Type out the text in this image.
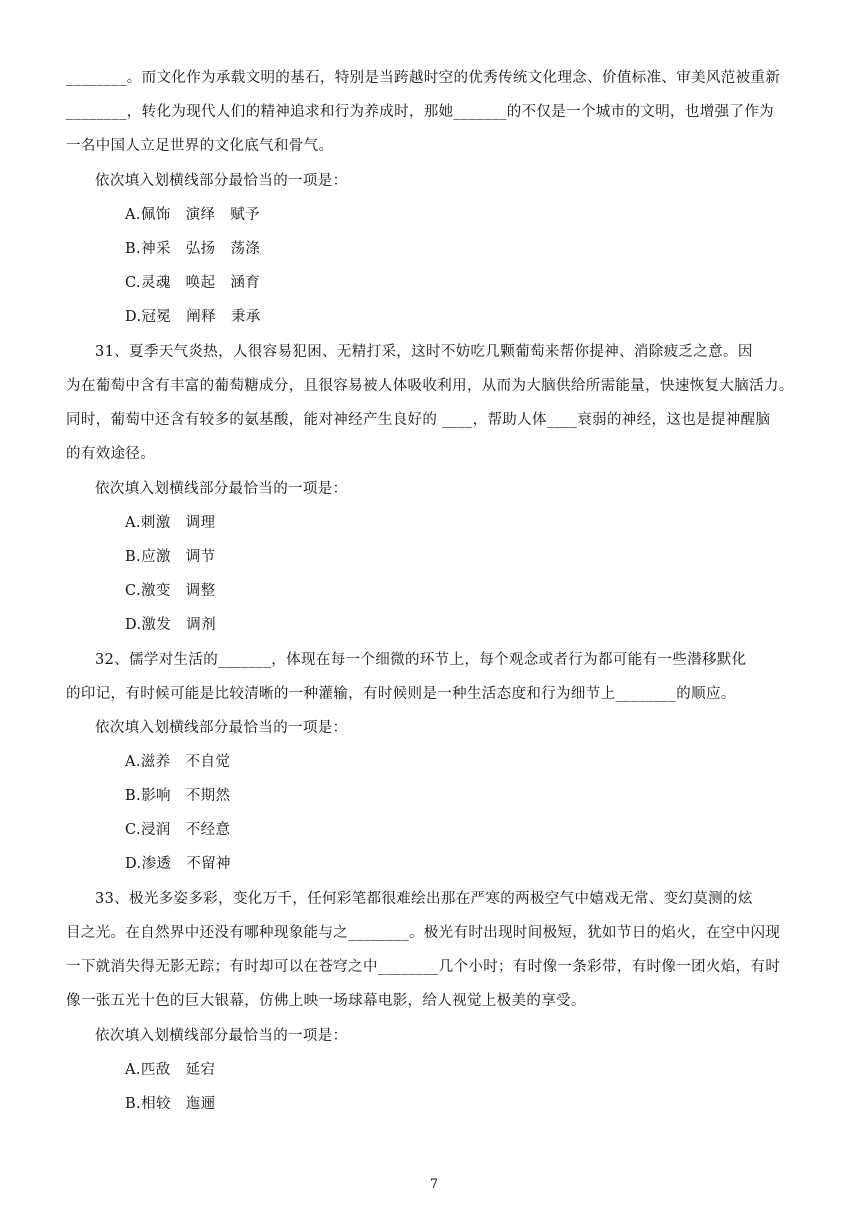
________。而文化作为承载文明的基石，特别是当跨越时空的优秀传统文化理念、价值标准、审美风范被重新
________，转化为现代人们的精神追求和行为养成时，那她_______的不仅是一个城市的文明，也增强了作为
一名中国人立足世界的文化底气和骨气。
依次填入划横线部分最恰当的一项是：
A.佩饰　演绎　赋予
B.神采　弘扬　荡涤
C.灵魂　唤起　涵育
D.冠冕　阐释　秉承
31、夏季天气炎热，人很容易犯困、无精打采，这时不妨吃几颗葡萄来帮你提神、消除疲乏之意。因
为在葡萄中含有丰富的葡萄糖成分，且很容易被人体吸收利用，从而为大脑供给所需能量，快速恢复大脑活力。
同时，葡萄中还含有较多的氨基酸，能对神经产生良好的 ____，帮助人体____衰弱的神经，这也是提神醒脑
的有效途径。
依次填入划横线部分最恰当的一项是：
A.刺激　调理
B.应激　调节
C.激变　调整
D.激发　调剂
32、儒学对生活的_______，体现在每一个细微的环节上，每个观念或者行为都可能有一些潜移默化
的印记，有时候可能是比较清晰的一种灌输，有时候则是一种生活态度和行为细节上________的顺应。
依次填入划横线部分最恰当的一项是：
A.滋养　不自觉
B.影响　不期然
C.浸润　不经意
D.渗透　不留神
33、极光多姿多彩，变化万千，任何彩笔都很难绘出那在严寒的两极空气中嬉戏无常、变幻莫测的炫
目之光。在自然界中还没有哪种现象能与之________。极光有时出现时间极短，犹如节日的焰火，在空中闪现
一下就消失得无影无踪；有时却可以在苍穹之中________几个小时；有时像一条彩带，有时像一团火焰，有时
像一张五光十色的巨大银幕，仿佛上映一场球幕电影，给人视觉上极美的享受。
依次填入划横线部分最恰当的一项是：
A.匹敌　延宕
B.相较　迤逦
7
